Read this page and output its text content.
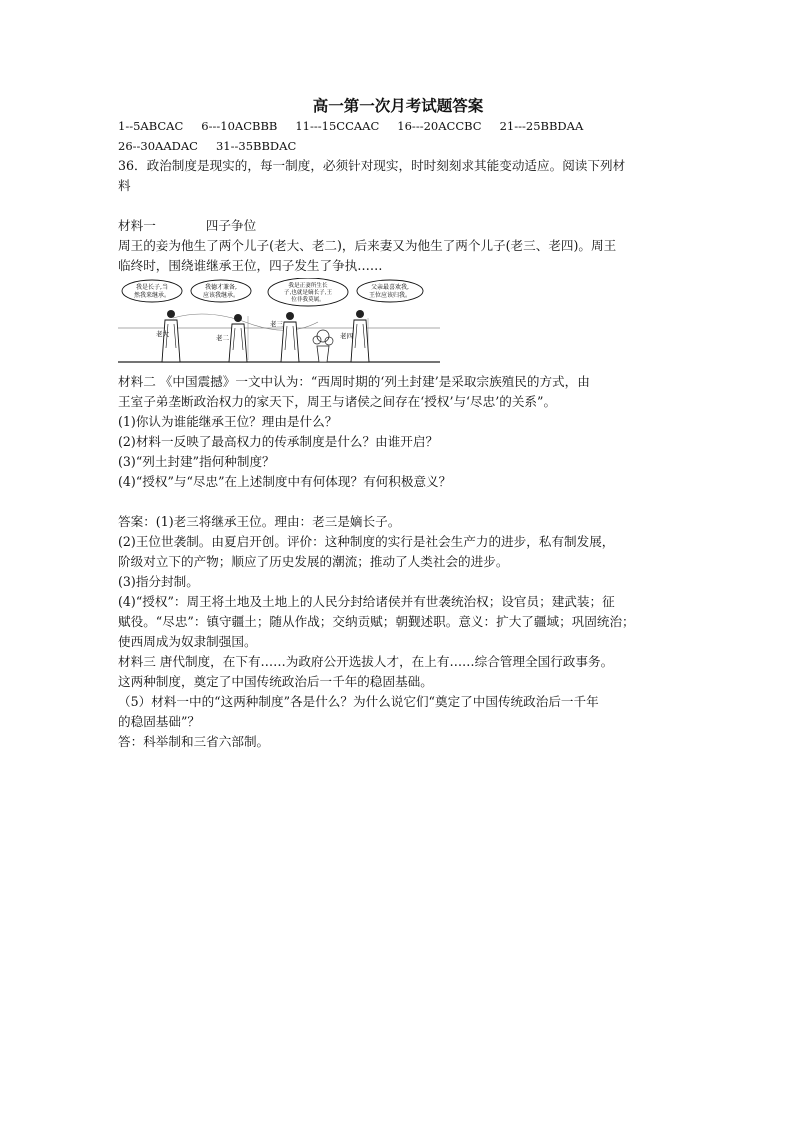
高一第一次月考试题答案

1--5ABCAC 6---10ACBBB 11---15CCAAC 16---20ACCBC 21---25BBDAA

26--30AADAC 31--35BBDAC

36．政治制度是现实的，每一制度，必须针对现实，时时刻刻求其能变动适应。阅读下列材

料

材料一	四子争位

周王的妾为他生了两个儿子(老大、老二)，后来妻又为他生了两个儿子(老三、老四)。周王

临终时，围绕谁继承王位，四子发生了争执……

我是长子,当
然我来继承。
我德才兼备,
应该我继承。
我是正妻所生长
子,也就是嫡长子,王
位非我莫属。
父亲最喜欢我,
王位应该归我。
老大	老二
老三
老四

材料二 《中国震撼》一文中认为：“西周时期的‘列土封建’是采取宗族殖民的方式，由

王室子弟垄断政治权力的家天下，周王与诸侯之间存在‘授权’与‘尽忠’的关系”。

(1)你认为谁能继承王位？理由是什么？

(2)材料一反映了最高权力的传承制度是什么？由谁开启？

(3)“列土封建”指何种制度？

(4)“授权”与“尽忠”在上述制度中有何体现？有何积极意义？

答案：(1)老三将继承王位。理由：老三是嫡长子。

(2)王位世袭制。由夏启开创。评价：这种制度的实行是社会生产力的进步，私有制发展，

阶级对立下的产物；顺应了历史发展的潮流；推动了人类社会的进步。

(3)指分封制。

(4)“授权”：周王将土地及土地上的人民分封给诸侯并有世袭统治权；设官员；建武装；征

赋役。“尽忠”：镇守疆土；随从作战；交纳贡赋；朝觐述职。意义：扩大了疆域；巩固统治；

使西周成为奴隶制强国。

材料三 唐代制度，在下有……为政府公开选拔人才，在上有……综合管理全国行政事务。

这两种制度，奠定了中国传统政治后一千年的稳固基础。

（5）材料一中的“这两种制度”各是什么？为什么说它们“奠定了中国传统政治后一千年

的稳固基础”？

答：科举制和三省六部制。
